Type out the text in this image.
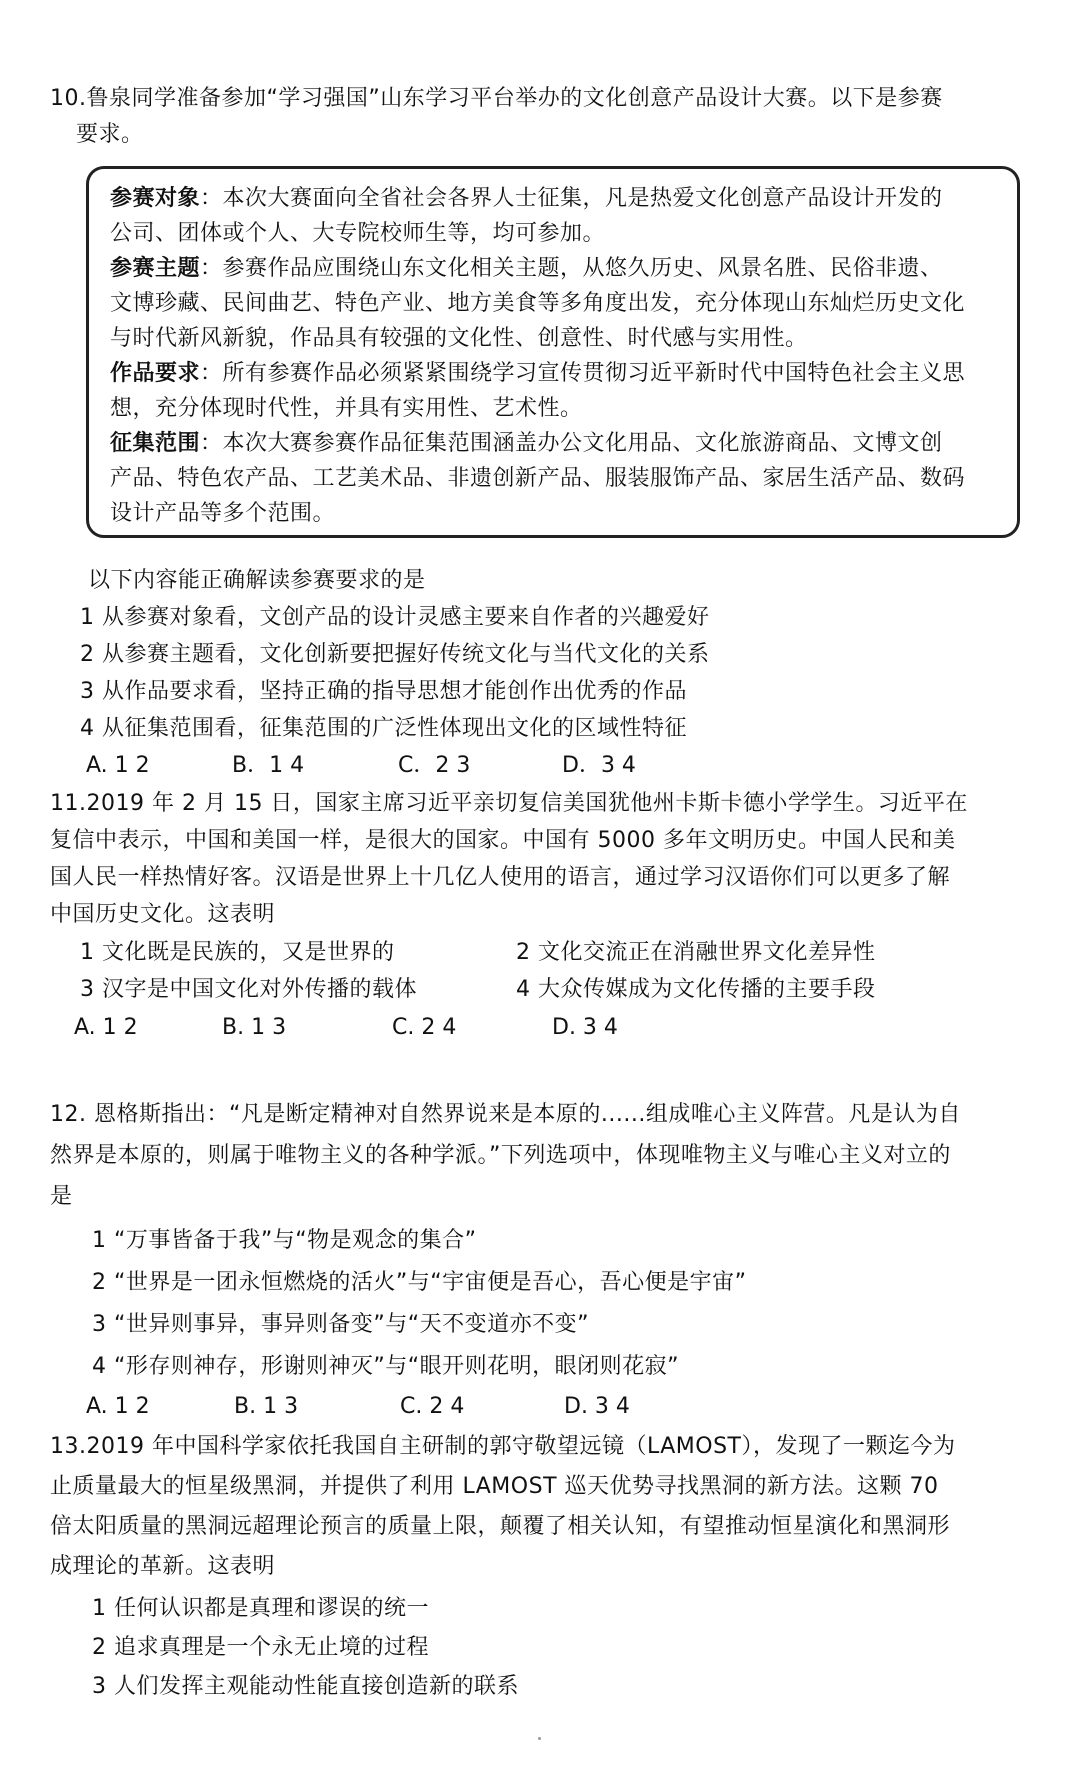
10.鲁泉同学准备参加“学习强国”山东学习平台举办的文化创意产品设计大赛。以下是参赛
要求。
参赛对象：本次大赛面向全省社会各界人士征集，凡是热爱文化创意产品设计开发的
公司、团体或个人、大专院校师生等，均可参加。
参赛主题：参赛作品应围绕山东文化相关主题，从悠久历史、风景名胜、民俗非遗、
文博珍藏、民间曲艺、特色产业、地方美食等多角度出发，充分体现山东灿烂历史文化
与时代新风新貌，作品具有较强的文化性、创意性、时代感与实用性。
作品要求：所有参赛作品必须紧紧围绕学习宣传贯彻习近平新时代中国特色社会主义思
想，充分体现时代性，并具有实用性、艺术性。
征集范围：本次大赛参赛作品征集范围涵盖办公文化用品、文化旅游商品、文博文创
产品、特色农产品、工艺美术品、非遗创新产品、服装服饰产品、家居生活产品、数码
设计产品等多个范围。
以下内容能正确解读参赛要求的是
1 从参赛对象看，文创产品的设计灵感主要来自作者的兴趣爱好
2 从参赛主题看，文化创新要把握好传统文化与当代文化的关系
3 从作品要求看，坚持正确的指导思想才能创作出优秀的作品
4 从征集范围看，征集范围的广泛性体现出文化的区域性特征
A. 1 2	B．1 4	C．2 3	D．3 4
11.2019 年 2 月 15 日，国家主席习近平亲切复信美国犹他州卡斯卡德小学学生。习近平在
复信中表示，中国和美国一样，是很大的国家。中国有 5000 多年文明历史。中国人民和美
国人民一样热情好客。汉语是世界上十几亿人使用的语言，通过学习汉语你们可以更多了解
中国历史文化。这表明
1 文化既是民族的，又是世界的	2 文化交流正在消融世界文化差异性
3 汉字是中国文化对外传播的载体	4 大众传媒成为文化传播的主要手段
A. 1 2	B. 1 3	C. 2 4	D. 3 4
12. 恩格斯指出：“凡是断定精神对自然界说来是本原的......组成唯心主义阵营。凡是认为自
然界是本原的，则属于唯物主义的各种学派。”下列选项中，体现唯物主义与唯心主义对立的
是
1 “万事皆备于我”与“物是观念的集合”
2 “世界是一团永恒燃烧的活火”与“宇宙便是吾心，吾心便是宇宙”
3 “世异则事异，事异则备变”与“天不变道亦不变”
4 “形存则神存，形谢则神灭”与“眼开则花明，眼闭则花寂”
A. 1 2	B. 1 3	C. 2 4	D. 3 4
13.2019 年中国科学家依托我国自主研制的郭守敬望远镜（LAMOST），发现了一颗迄今为
止质量最大的恒星级黑洞，并提供了利用 LAMOST 巡天优势寻找黑洞的新方法。这颗 70
倍太阳质量的黑洞远超理论预言的质量上限，颠覆了相关认知，有望推动恒星演化和黑洞形
成理论的革新。这表明
1 任何认识都是真理和谬误的统一
2 追求真理是一个永无止境的过程
3 人们发挥主观能动性能直接创造新的联系
